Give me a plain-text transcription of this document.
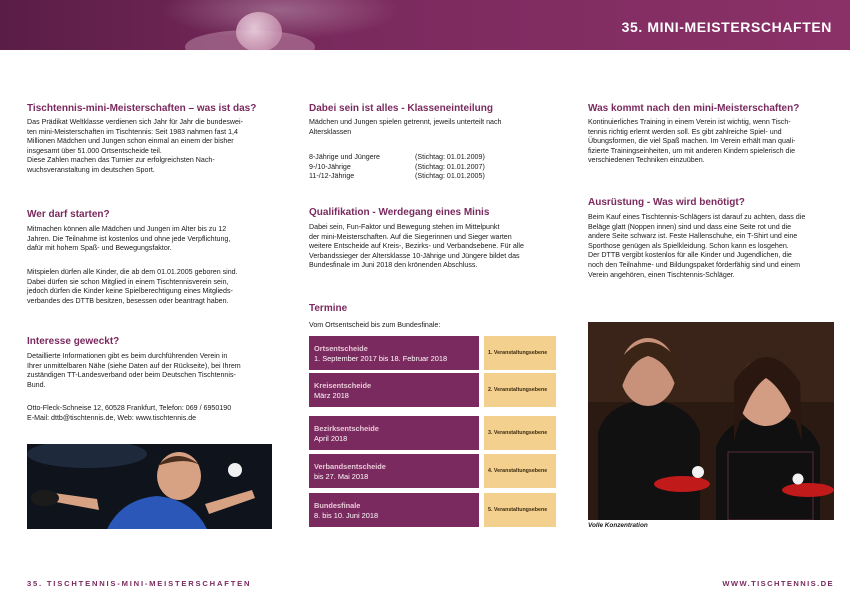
35. MINI-MEISTERSCHAFTEN
Tischtennis-mini-Meisterschaften – was ist das?
Das Prädikat Weltklasse verdienen sich Jahr für Jahr die bundeswei-
ten mini-Meisterschaften im Tischtennis: Seit 1983 nahmen fast 1,4
Millionen Mädchen und Jungen schon einmal an einem der bisher
insgesamt über 51.000 Ortsentscheide teil.
Diese Zahlen machen das Turnier zur erfolgreichsten Nach-
wuchsveranstaltung im deutschen Sport.
Wer darf starten?
Mitmachen können alle Mädchen und Jungen im Alter bis zu 12
Jahren. Die Teilnahme ist kostenlos und ohne jede Verpflichtung,
dafür mit hohem Spaß- und Bewegungsfaktor.
Mitspielen dürfen alle Kinder, die ab dem 01.01.2005 geboren sind.
Dabei dürfen sie schon Mitglied in einem Tischtennisverein sein,
jedoch dürfen die Kinder keine Spielberechtigung eines Mitglieds-
verbandes des DTTB besitzen, besessen oder beantragt haben.
Interesse geweckt?
Detaillierte Informationen gibt es beim durchführenden Verein in
Ihrer unmittelbaren Nähe (siehe Daten auf der Rückseite), bei Ihrem
zuständigen TT-Landesverband oder beim Deutschen Tischtennis-
Bund.
Otto-Fleck-Schneise 12, 60528 Frankfurt, Telefon: 069 / 6950190
E-Mail: dttb@tischtennis.de, Web: www.tischtennis.de
Dabei sein ist alles - Klasseneinteilung
Mädchen und Jungen spielen getrennt, jeweils unterteilt nach
Altersklassen
8-Jährige und Jüngere	(Stichtag: 01.01.2009)
9-/10-Jährige	(Stichtag: 01.01.2007)
11-/12-Jährige	(Stichtag: 01.01.2005)
Qualifikation - Werdegang eines Minis
Dabei sein, Fun-Faktor und Bewegung stehen im Mittelpunkt
der mini-Meisterschaften. Auf die Siegerinnen und Sieger warten
weitere Entscheide auf Kreis-, Bezirks- und Verbandsebene. Für alle
Verbandssieger der Altersklasse 10-Jährige und Jüngere bildet das
Bundesfinale im Juni 2018 den krönenden Abschluss.
Termine
Vom Ortsentscheid bis zum Bundesfinale:
Ortsentscheide
1. September 2017 bis 18. Februar 2018
1. Veranstaltungsebene
Kreisentscheide
März 2018
2. Veranstaltungsebene
Bezirksentscheide
April 2018
3. Veranstaltungsebene
Verbandsentscheide
bis 27. Mai 2018
4. Veranstaltungsebene
Bundesfinale
8. bis 10. Juni 2018
5. Veranstaltungsebene
Was kommt nach den mini-Meisterschaften?
Kontinuierliches Training in einem Verein ist wichtig, wenn Tisch-
tennis richtig erlernt werden soll. Es gibt zahlreiche Spiel- und
Übungsformen, die viel Spaß machen. Im Verein erhält man quali-
fizierte Trainingseinheiten, um mit anderen Kindern spielerisch die
verschiedenen Techniken einzuüben.
Ausrüstung - Was wird benötigt?
Beim Kauf eines Tischtennis-Schlägers ist darauf zu achten, dass die
Beläge glatt (Noppen innen) sind und dass eine Seite rot und die
andere Seite schwarz ist. Feste Hallenschuhe, ein T-Shirt und eine
Sporthose genügen als Spielkleidung. Schon kann es losgehen.
Der DTTB vergibt kostenlos für alle Kinder und Jugendlichen, die
noch den Teilnahme- und Bildungspaket förderfähig sind und einem
Verein angehören, einen Tischtennis-Schläger.
Volle Konzentration
35. TISCHTENNIS-MINI-MEISTERSCHAFTEN	WWW.TISCHTENNIS.DE
